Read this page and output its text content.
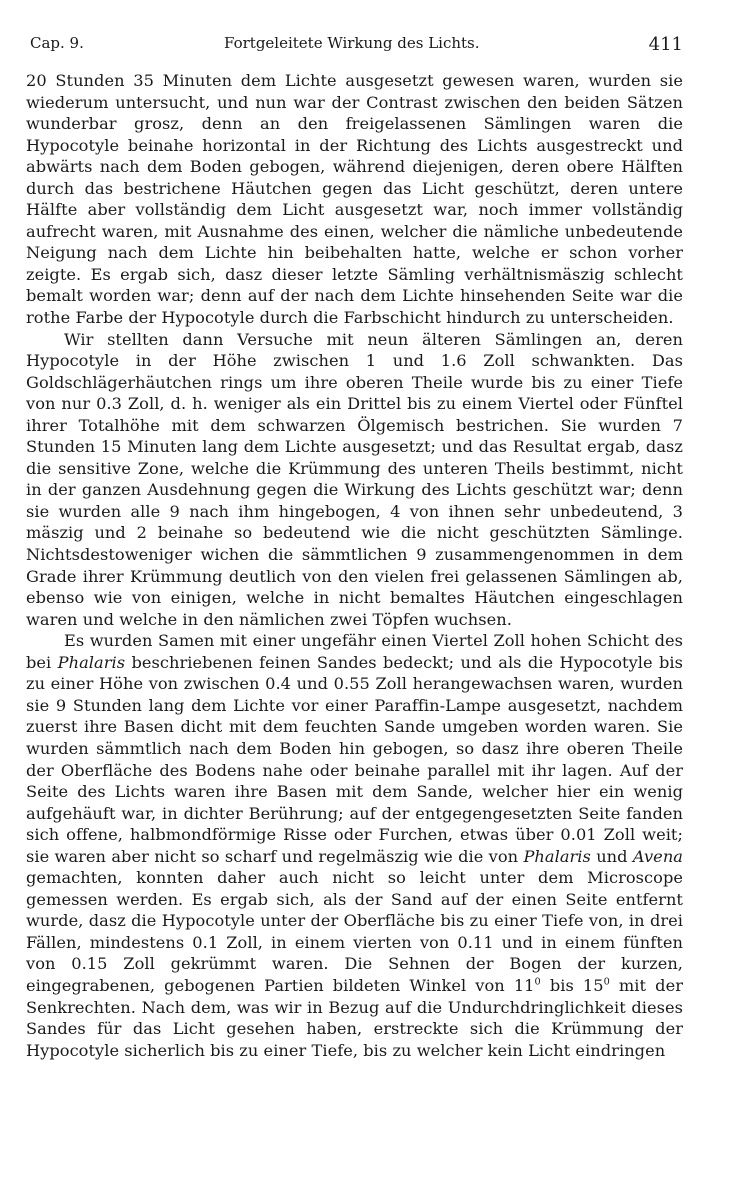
Cap. 9.	Fortgeleitete Wirkung des Lichts.	411

20 Stunden 35 Minuten dem Lichte ausgesetzt gewesen waren, wurden sie wiederum untersucht, und nun war der Contrast zwischen den beiden Sätzen wunderbar grosz, denn an den freigelassenen Sämlingen waren die Hypocotyle beinahe horizontal in der Richtung des Lichts ausgestreckt und abwärts nach dem Boden gebogen, während diejenigen, deren obere Hälften durch das bestrichene Häutchen gegen das Licht geschützt, deren untere Hälfte aber vollständig dem Licht ausgesetzt war, noch immer vollständig aufrecht waren, mit Ausnahme des einen, welcher die nämliche unbedeutende Neigung nach dem Lichte hin beibehalten hatte, welche er schon vorher zeigte. Es ergab sich, dasz dieser letzte Sämling verhältnismäszig schlecht bemalt worden war; denn auf der nach dem Lichte hinsehenden Seite war die rothe Farbe der Hypocotyle durch die Farbschicht hindurch zu unterscheiden.

Wir stellten dann Versuche mit neun älteren Sämlingen an, deren Hypocotyle in der Höhe zwischen 1 und 1.6 Zoll schwankten. Das Goldschlägerhäutchen rings um ihre oberen Theile wurde bis zu einer Tiefe von nur 0.3 Zoll, d. h. weniger als ein Drittel bis zu einem Viertel oder Fünftel ihrer Totalhöhe mit dem schwarzen Ölgemisch bestrichen. Sie wurden 7 Stunden 15 Minuten lang dem Lichte ausgesetzt; und das Resultat ergab, dasz die sensitive Zone, welche die Krümmung des unteren Theils bestimmt, nicht in der ganzen Ausdehnung gegen die Wirkung des Lichts geschützt war; denn sie wurden alle 9 nach ihm hingebogen, 4 von ihnen sehr unbedeutend, 3 mäszig und 2 beinahe so bedeutend wie die nicht geschützten Sämlinge. Nichtsdestoweniger wichen die sämmtlichen 9 zusammengenommen in dem Grade ihrer Krümmung deutlich von den vielen frei gelassenen Sämlingen ab, ebenso wie von einigen, welche in nicht bemaltes Häutchen eingeschlagen waren und welche in den nämlichen zwei Töpfen wuchsen.

Es wurden Samen mit einer ungefähr einen Viertel Zoll hohen Schicht des bei Phalaris beschriebenen feinen Sandes bedeckt; und als die Hypocotyle bis zu einer Höhe von zwischen 0.4 und 0.55 Zoll herangewachsen waren, wurden sie 9 Stunden lang dem Lichte vor einer Paraffin-Lampe ausgesetzt, nachdem zuerst ihre Basen dicht mit dem feuchten Sande umgeben worden waren. Sie wurden sämmtlich nach dem Boden hin gebogen, so dasz ihre oberen Theile der Oberfläche des Bodens nahe oder beinahe parallel mit ihr lagen. Auf der Seite des Lichts waren ihre Basen mit dem Sande, welcher hier ein wenig aufgehäuft war, in dichter Berührung; auf der entgegengesetzten Seite fanden sich offene, halbmondförmige Risse oder Furchen, etwas über 0.01 Zoll weit; sie waren aber nicht so scharf und regelmäszig wie die von Phalaris und Avena gemachten, konnten daher auch nicht so leicht unter dem Microscope gemessen werden. Es ergab sich, als der Sand auf der einen Seite entfernt wurde, dasz die Hypocotyle unter der Oberfläche bis zu einer Tiefe von, in drei Fällen, mindestens 0.1 Zoll, in einem vierten von 0.11 und in einem fünften von 0.15 Zoll gekrümmt waren. Die Sehnen der Bogen der kurzen, eingegrabenen, gebogenen Partien bildeten Winkel von $11^0$ bis $15^0$ mit der Senkrechten. Nach dem, was wir in Bezug auf die Undurchdringlichkeit dieses Sandes für das Licht gesehen haben, erstreckte sich die Krümmung der Hypocotyle sicherlich bis zu einer Tiefe, bis zu welcher kein Licht eindringen
